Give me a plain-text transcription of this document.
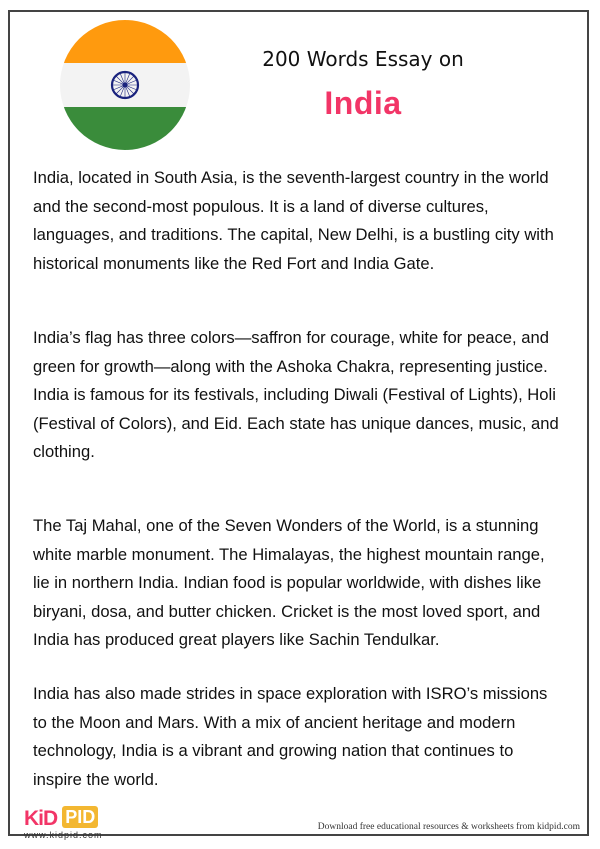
200 Words Essay on
India

India, located in South Asia, is the seventh-largest country in the world and the second-most populous. It is a land of diverse cultures, languages, and traditions. The capital, New Delhi, is a bustling city with historical monuments like the Red Fort and India Gate.

India’s flag has three colors—saffron for courage, white for peace, and green for growth—along with the Ashoka Chakra, representing justice. India is famous for its festivals, including Diwali (Festival of Lights), Holi (Festival of Colors), and Eid. Each state has unique dances, music, and clothing.

The Taj Mahal, one of the Seven Wonders of the World, is a stunning white marble monument. The Himalayas, the highest mountain range, lie in northern India. Indian food is popular worldwide, with dishes like biryani, dosa, and butter chicken. Cricket is the most loved sport, and India has produced great players like Sachin Tendulkar.

India has also made strides in space exploration with ISRO’s missions to the Moon and Mars. With a mix of ancient heritage and modern technology, India is a vibrant and growing nation that continues to inspire the world.

KiD PID
www.kidpid.com
Download free educational resources & worksheets from kidpid.com
